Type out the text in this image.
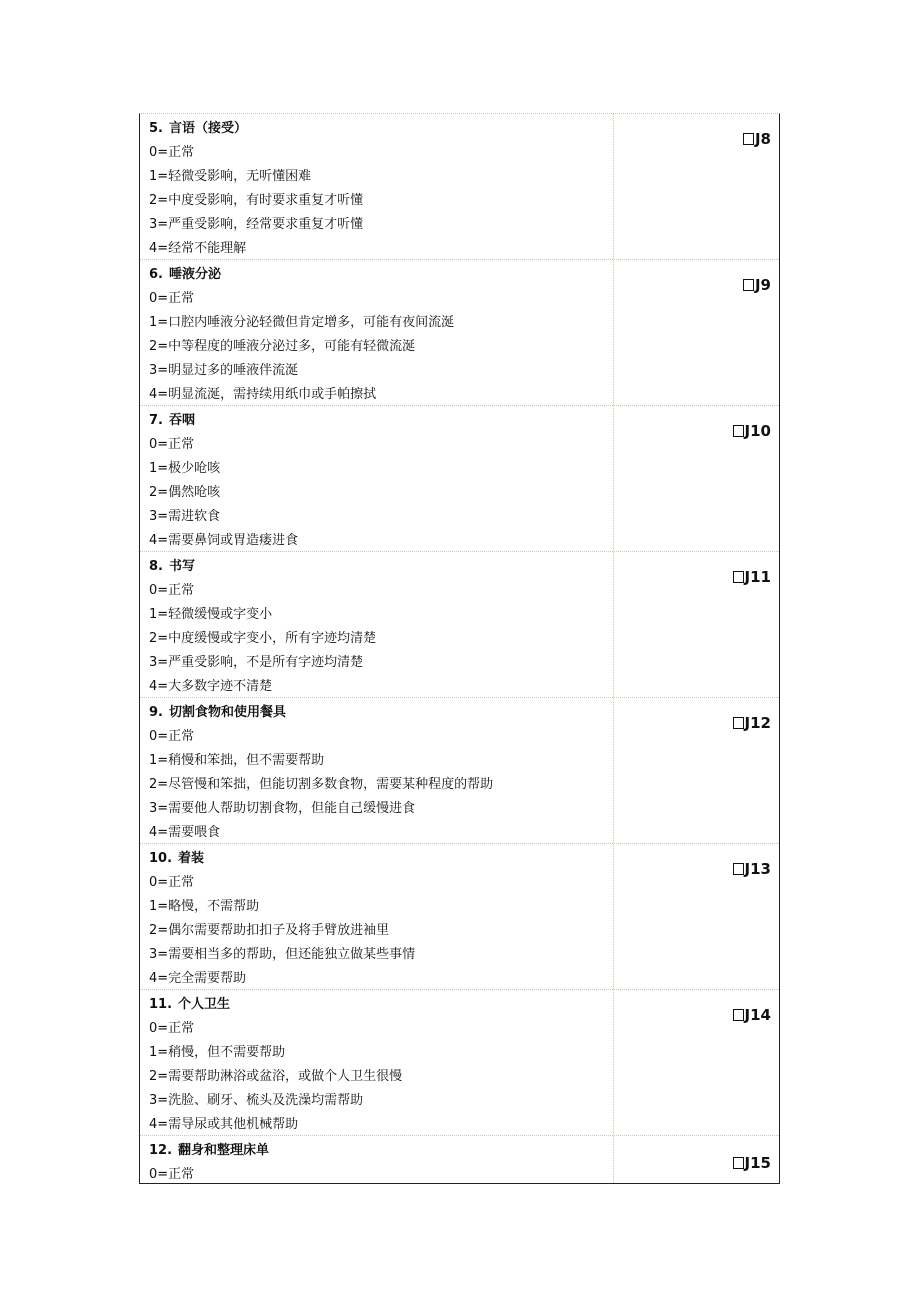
5. 言语（接受）
0=正常
1=轻微受影响，无听懂困难
2=中度受影响，有时要求重复才听懂
3=严重受影响，经常要求重复才听懂
4=经常不能理解
J8
6. 唾液分泌
0=正常
1=口腔内唾液分泌轻微但肯定增多，可能有夜间流涎
2=中等程度的唾液分泌过多，可能有轻微流涎
3=明显过多的唾液伴流涎
4=明显流涎，需持续用纸巾或手帕擦拭
J9
7. 吞咽
0=正常
1=极少呛咳
2=偶然呛咳
3=需进软食
4=需要鼻饲或胃造瘘进食
J10
8. 书写
0=正常
1=轻微缓慢或字变小
2=中度缓慢或字变小，所有字迹均清楚
3=严重受影响，不是所有字迹均清楚
4=大多数字迹不清楚
J11
9. 切割食物和使用餐具
0=正常
1=稍慢和笨拙，但不需要帮助
2=尽管慢和笨拙，但能切割多数食物，需要某种程度的帮助
3=需要他人帮助切割食物，但能自己缓慢进食
4=需要喂食
J12
10. 着装
0=正常
1=略慢，不需帮助
2=偶尔需要帮助扣扣子及将手臂放进袖里
3=需要相当多的帮助，但还能独立做某些事情
4=完全需要帮助
J13
11. 个人卫生
0=正常
1=稍慢，但不需要帮助
2=需要帮助淋浴或盆浴，或做个人卫生很慢
3=洗脸、刷牙、梳头及洗澡均需帮助
4=需导尿或其他机械帮助
J14
12. 翻身和整理床单
0=正常
J15
